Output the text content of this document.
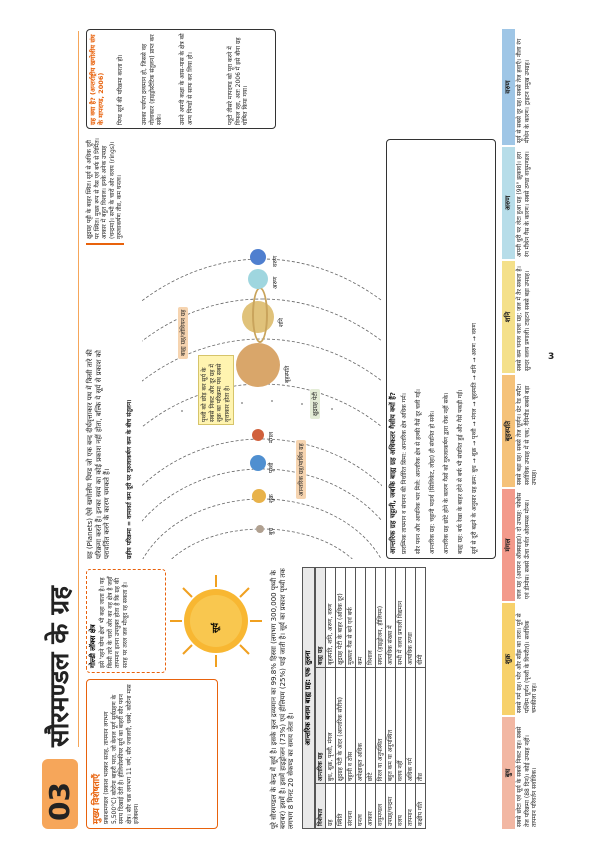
03
सौरमण्डल के ग्रह
मुख्य विशेषताएँ प्रकाशमण्डल (प्रकाश भास्कर सतह, तापमान लगभग 5,500°C) कोरोना बाहरी परत, जो केवल पूर्ण सूर्यग्रहण के समय दिखाई देती है। हीलियोस्फीयर सूर्य का बाहरी सौर पवन क्षेत्र। सौर चक्र लगभग 11 वर्ष; सौर ज्वालाएँ, धब्बे; कोरोना मास इजेक्शन।
गोल्डी लॉक्स क्षेत्र इसे 'रहने योग्य क्षेत्र' भी कहा जाता है। यह किसी तारे के चारों ओर का वह क्षेत्र है जहाँ तापमान इतना उपयुक्त होता है कि ग्रह की सतह पर तरल जल मौजूद रह सकता है।	सूर्य	पूरे सौरमण्डल के केन्द्र में सूर्य है। इसके कुल द्रव्यमान का 99.8% हिस्सा (लगभग 300,000 पृथ्वी के बराबर) इसमें है। इसमें हाइड्रोजन (73%) एवं हीलियम (25%) पाई जाती है। सूर्य का प्रकाश पृथ्वी तक लगभग 8 मिनट 20 सेकण्ड का समय लेता है।
आन्तरिक बनाम बाह्य ग्रह: एक तुलना
विशेषता	आन्तरिक ग्रह	बाह्य ग्रह
ग्रह	बुध, शुक्र, पृथ्वी, मंगल	बृहस्पति, शनि, अरुण, वरुण
स्थिति	क्षुद्रग्रह पेटी के अंदर (आन्तरिक सौरीय)	क्षुद्रग्रह पेटी के बाहर (अधिक दूर)
संरचना	चट्टानी व ठोस	मुख्यतः गैस से बने एवं बर्फ
घनत्व	अपेक्षाकृत अधिक	कम
आकार	छोटे	विशाल
वायुमण्डल	विरल या अनुपस्थित	सघन (हाइड्रोजन, हीलियम)
उपग्रह/चन्द्रमा	बहुत कम या अनुपस्थित	अत्यधिक संख्या में
वलय	वलय नहीं	सभी में वलय प्रणाली विद्यमान
तापमान	अधिक गर्म	अत्यधिक ठण्डा
कक्षीय गति	तीव्र	धीमी
ग्रह (Planets) ऐसे खगोलीय पिण्ड जो एक बन्द दीर्घवृत्ताकार पथ में किसी तारे की परिक्रमा करते हैं। इनका स्वयं का कोई प्रकाश नहीं होता, बल्कि ये सूर्य से प्रकाश को परावर्तित करने के कारण चमकते हैं।	ग्रहीय परिक्रमा = वामावर्त कम दूरी पर गुरुत्वाकर्षण कम के बीच संतुलन।	बुध
शुक्र
पृथ्वी
मंगल
बृहस्पति
शनि
अरुण
वरुण
आन्तरिक ग्रह/पार्थिव ग्रह
बाह्य ग्रह/जोवियन ग्रह
क्षुद्रग्रह पेटी
पृथ्वी को छोड़ कर सूर्य के सबसे निकट और दूर ग्रह में शुक्र का परिक्रमा पथ सबसे वृत्ताकार होता है।
क्षुद्रग्रह पट्टी के बाहर स्थित। सूर्य से अधिक दूरी पर स्थित। मुख्य रूप से गैस एवं बर्फ से निर्मित। आकार में बहुत विशाल। इनके अनेक उपग्रह (चन्द्रमा)। सभी के चारों ओर वलय (rings)। गुरुत्वाकर्षण तीव्र, कम घनत्व।
ग्रह क्या है? (अन्तर्राष्ट्रीय खगोलीय संघ के मापदण्ड, 2006) पिण्ड सूर्य की परिक्रमा करता हो।	उसका पर्याप्त द्रव्यमान हो, जिससे वह गोलाकार (हाइड्रोस्टैटिक संतुलन) प्राप्त कर सके।	उसने अपनी कक्षा के आस-पास के क्षेत्र को अन्य पिण्डों से साफ कर लिया हो।	प्लूटो तीसरे मापदण्ड को पूरा करने में विफल रहा, अतः 2006 में इसे बौना ग्रह घोषित किया गया।
आन्तरिक ग्रह चट्टानी, जबकि बाह्य ग्रह अधिकतर गैसीय क्यों हैं? प्रारम्भिक तापमान व संघनन की निर्धारित सिमा: आन्तरिक क्षेत्र अधिक गर्म। सौर पवन और आयनिक भार मिले: आन्तरिक क्षेत्र से हल्की गैसें दूर चली गईं। आन्तरिक ग्रह: चट्टानी पदार्थ (सिलिकेट, लोहा) ही संघनित हो सके। आन्तरिक ग्रह छोटे होने के कारण गैसों को गुरुत्वाकर्षण द्वारा रोक नहीं सके। बाह्य ग्रह: बर्फ रेखा के बाहर होने से बर्फ भी संघनित हुई और गैसें पकड़ी गईं। सूर्य से दूरी बढ़ने के अनुसार ग्रह क्रम: बुध → शुक्र → पृथ्वी → मंगल → बृहस्पति → शनि → अरुण → वरुण
बुध सबसे छोटा एवं सूर्य के सबसे निकट ग्रह। सबसे तेज परिक्रमा (88 दिन)। कोई उपग्रह नहीं। तापमान परिवर्तन सर्वाधिक।
शुक्र सबसे गर्म ग्रह। भोर और साँझ का तारा। पूर्व से पश्चिम घूर्णन (पृथ्वी के विपरीत)। सर्वाधिक चमकीला ग्रह।
मंगल लाल ग्रह (आयरन ऑक्साइड)। दो उपग्रह: फोबोस एवं डीमोस। सबसे ऊँचा पर्वत ओलम्पस मोन्स।
बृहस्पति सबसे बड़ा ग्रह। सबसे तेज घूर्णन। ग्रेट रेड स्पॉट। सर्वाधिक उपग्रह में से एक; गैनिमीड सबसे बड़ा उपग्रह।
शनि सबसे कम घनत्व वाला ग्रह; जल में तैर सकता है। सुन्दर वलय प्रणाली। टाइटन सबसे बड़ा उपग्रह।
अरुण अपनी धुरी पर लेटा हुआ ग्रह (98° झुकाव)। हरा रंग मीथेन गैस के कारण। सबसे ठण्डा वायुमण्डल।
वरुण सूर्य से सबसे दूर ग्रह। सबसे तेज हवाएँ। नीला रंग मीथेन के कारण। ट्राइटन प्रमुख उपग्रह।
3
